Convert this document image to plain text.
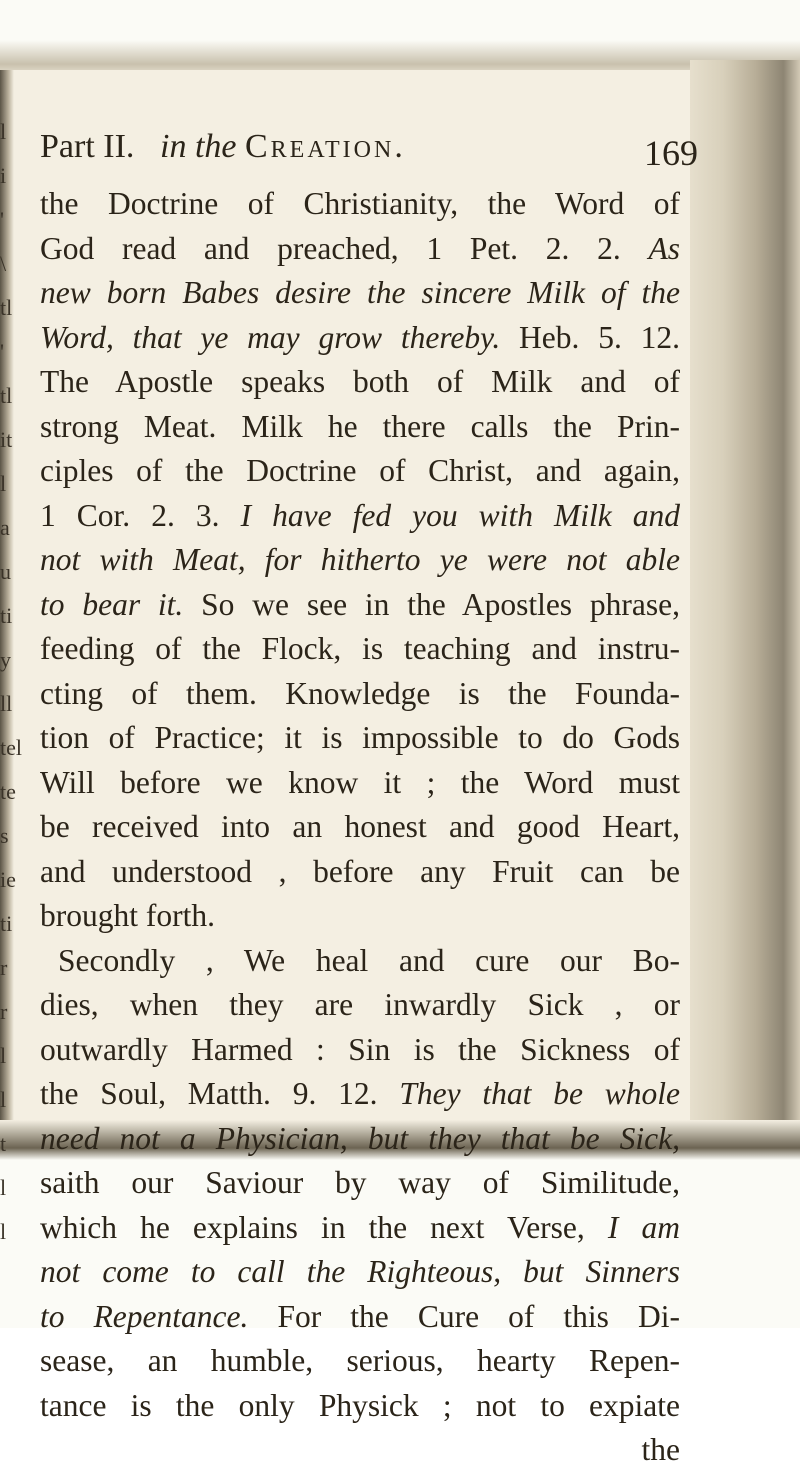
l
i
'
\
tl
'
tl
it
l
a
u
ti
y
ll
tel
te
s
ie
ti
r
r
l
l
t
l
l
Part II. in the Creation.	169
the Doctrine of Christianity, the Word of
God read and preached, 1 Pet. 2. 2. As
new born Babes desire the sincere Milk of the
Word, that ye may grow thereby. Heb. 5. 12.
The Apostle speaks both of Milk and of
strong Meat. Milk he there calls the Prin-
ciples of the Doctrine of Christ, and again,
1 Cor. 2. 3. I have fed you with Milk and
not with Meat, for hitherto ye were not able
to bear it. So we see in the Apostles phrase,
feeding of the Flock, is teaching and instru-
cting of them. Knowledge is the Founda-
tion of Practice; it is impossible to do Gods
Will before we know it ; the Word must
be received into an honest and good Heart,
and understood , before any Fruit can be
brought forth.
Secondly , We heal and cure our Bo-
dies, when they are inwardly Sick , or
outwardly Harmed : Sin is the Sickness of
the Soul, Matth. 9. 12. They that be whole
need not a Physician, but they that be Sick,
saith our Saviour by way of Similitude,
which he explains in the next Verse, I am
not come to call the Righteous, but Sinners
to Repentance. For the Cure of this Di-
sease, an humble, serious, hearty Repen-
tance is the only Physick ; not to expiate
the
